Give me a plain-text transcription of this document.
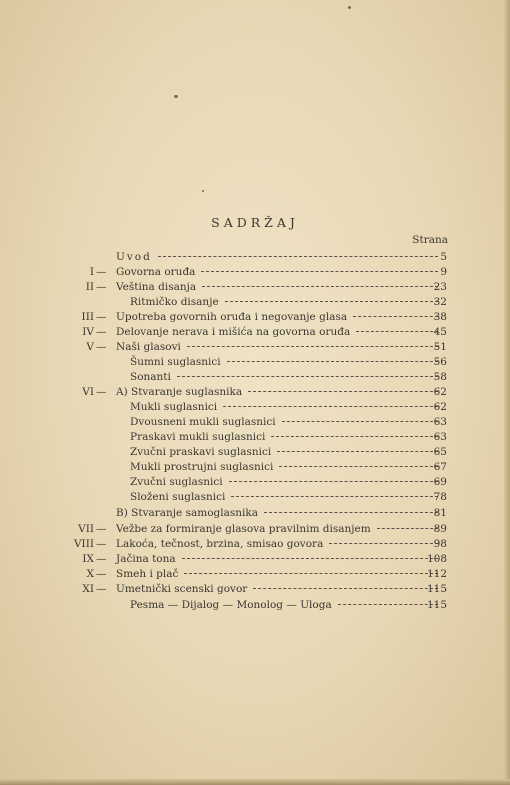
SADRŽAJ
Strana
Uvod	5
I — Govorna oruđa	9
II — Veština disanja	23
Ritmičko disanje	32
III — Upotreba govornih oruđa i negovanje glasa	38
IV — Delovanje nerava i mišića na govorna oruđa	45
V — Naši glasovi	51
Šumni suglasnici	56
Sonanti	58
VI — A) Stvaranje suglasnika	62
Mukli suglasnici	62
Dvousneni mukli suglasnici	63
Praskavi mukli suglasnici	63
Zvučni praskavi suglasnici	65
Mukli prostrujni suglasnici	67
Zvučni suglasnici	69
Složeni suglasnici	78
B) Stvaranje samoglasnika	81
VII — Vežbe za formiranje glasova pravilnim disanjem	89
VIII — Lakoća, tečnost, brzina, smisao govora	98
IX — Jačina tona	108
X — Smeh i plač	112
XI — Umetnički scenski govor	115
Pesma — Dijalog — Monolog — Uloga	115
